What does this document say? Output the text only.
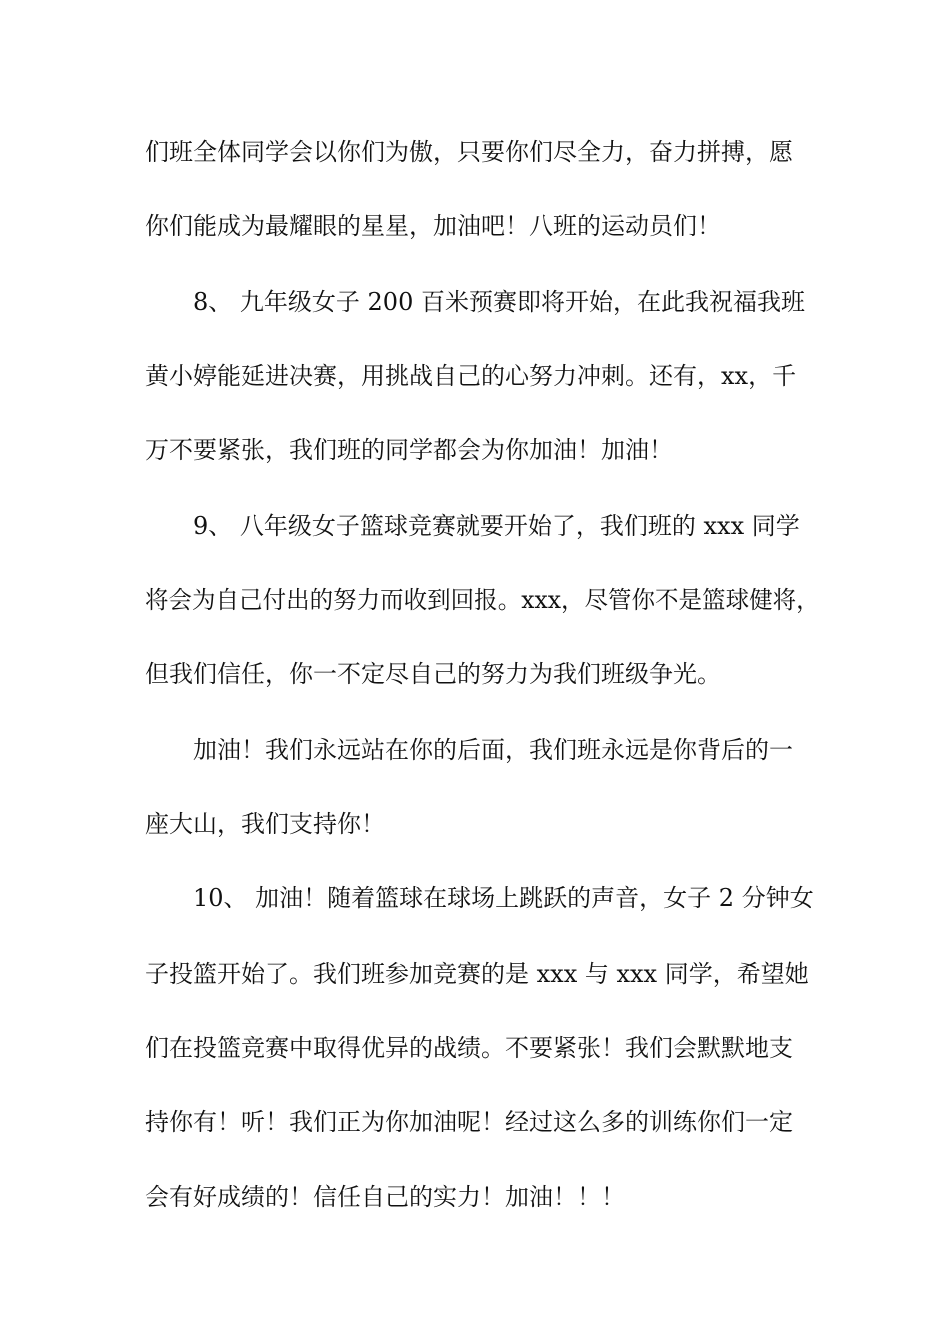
们班全体同学会以你们为傲，只要你们尽全力，奋力拼搏，愿
你们能成为最耀眼的星星，加油吧！八班的运动员们！
8、 九年级女子 200 百米预赛即将开始，在此我祝福我班
黄小婷能延进决赛，用挑战自己的心努力冲刺。还有，xx，千
万不要紧张，我们班的同学都会为你加油！加油！
9、 八年级女子篮球竞赛就要开始了，我们班的 xxx 同学
将会为自己付出的努力而收到回报。xxx，尽管你不是篮球健将，
但我们信任，你一不定尽自己的努力为我们班级争光。
加油！我们永远站在你的后面，我们班永远是你背后的一
座大山，我们支持你！
10、 加油！随着篮球在球场上跳跃的声音，女子 2 分钟女
子投篮开始了。我们班参加竞赛的是 xxx 与 xxx 同学，希望她
们在投篮竞赛中取得优异的战绩。不要紧张！我们会默默地支
持你有！听！我们正为你加油呢！经过这么多的训练你们一定
会有好成绩的！信任自己的实力！加油！！！
